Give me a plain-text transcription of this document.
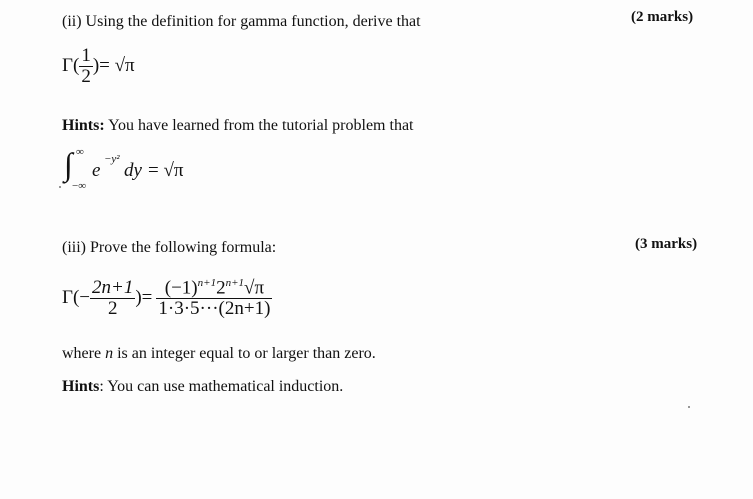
(ii) Using the definition for gamma function, derive that	(2 marks)
$\Gamma( \frac{1}{2}$ )= √π
Hints: You have learned from the tutorial problem that
∫ ∞
−∞
e
−y²
dy = √π
(iii) Prove the following formula:	(3 marks)
$\Gamma(- \frac{2n+1}{2}$ )= $\frac{(-1)^{n+1}2^{n+1}√\pi}{1\cdot 3\cdot 5\cdot\cdot\cdot(2n+1)}$
where n is an integer equal to or larger than zero.
Hints: You can use mathematical induction.
